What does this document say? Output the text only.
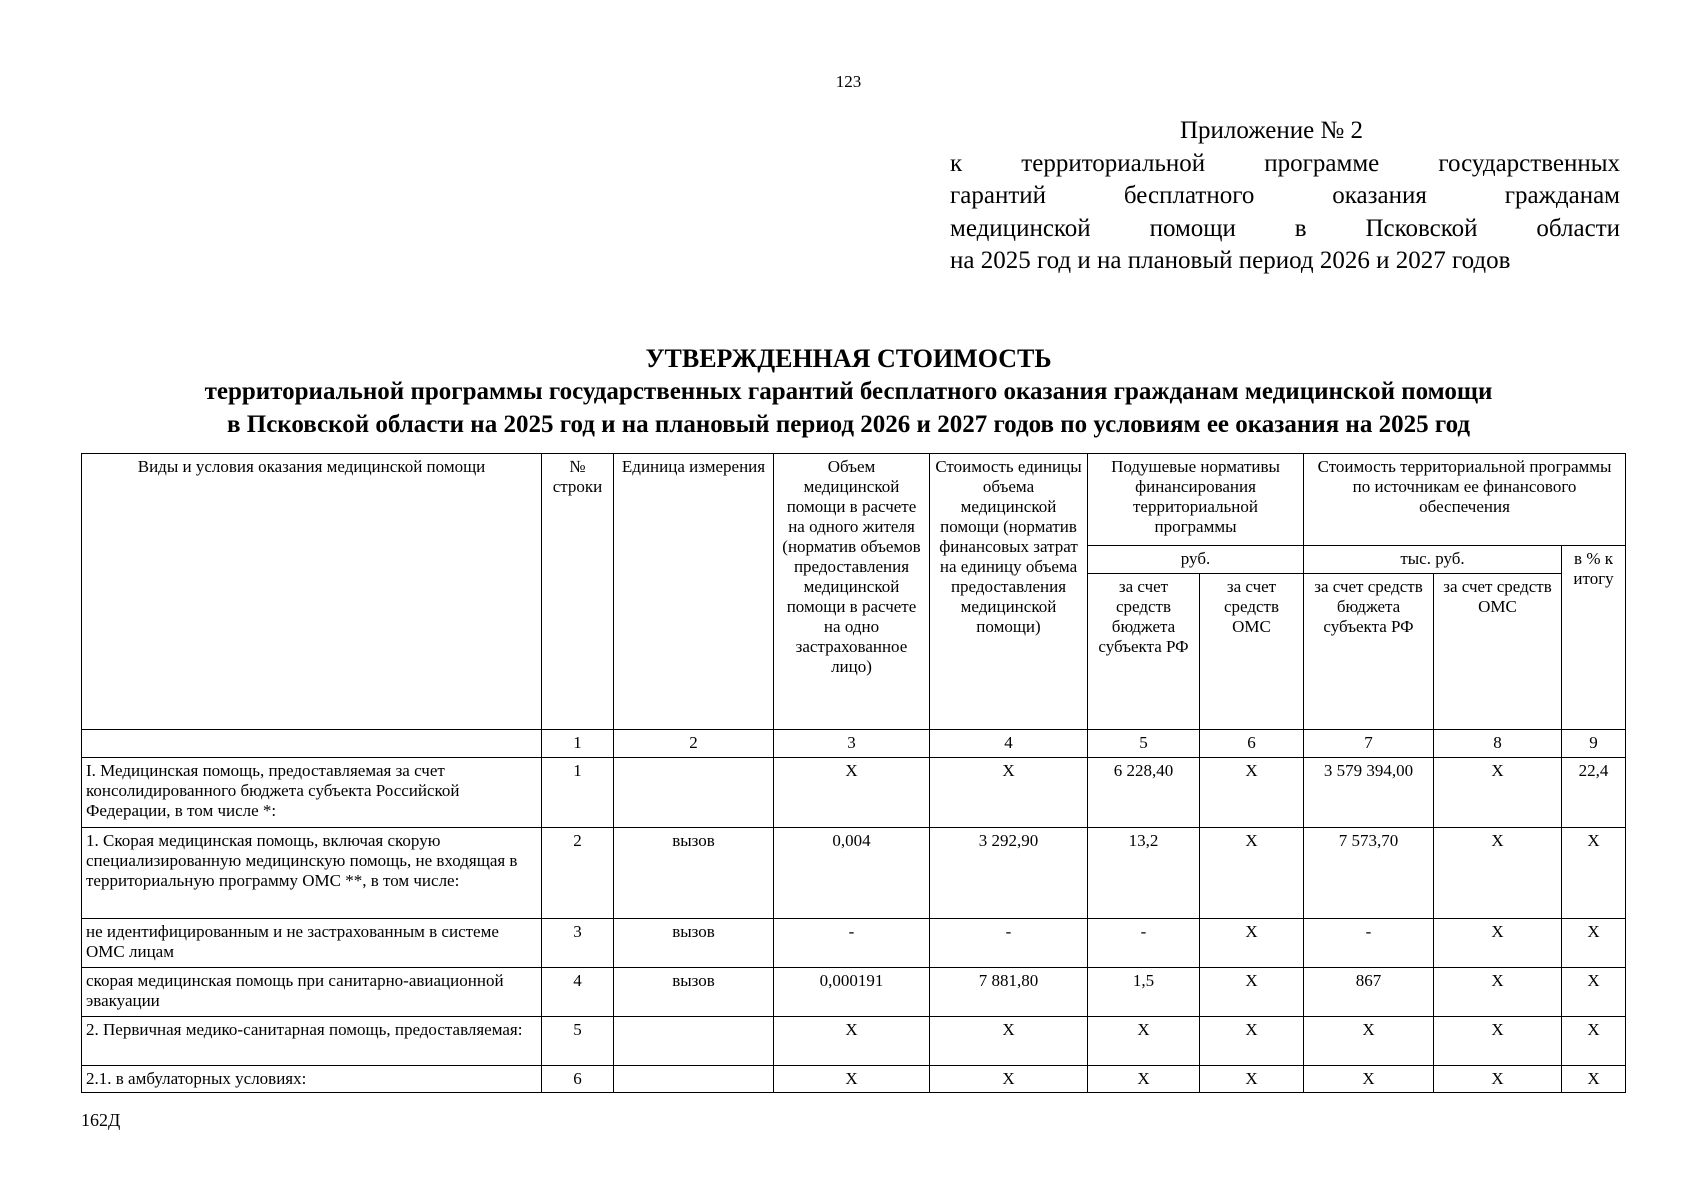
123
Приложение № 2
к территориальной программе государственных
гарантий бесплатного оказания гражданам
медицинской помощи в Псковской области
на 2025 год и на плановый период 2026 и 2027 годов
УТВЕРЖДЕННАЯ СТОИМОСТЬ
территориальной программы государственных гарантий бесплатного оказания гражданам медицинской помощи
в Псковской области на 2025 год и на плановый период 2026 и 2027 годов по условиям ее оказания на 2025 год
Виды и условия оказания медицинской помощи	№ строки	Единица измерения	Объем медицинской помощи в расчете на одного жителя (норматив объемов предоставления медицинской помощи в расчете на одно застрахованное лицо)	Стоимость единицы объема медицинской помощи (норматив финансовых затрат на единицу объема предоставления медицинской помощи)	Подушевые нормативы финансирования территориальной программы		Стоимость территориальной программы по источникам ее финансового обеспечения		
					руб.		тыс. руб.		в % к итогу
					за счет средств бюджета субъекта РФ	за счет средств ОМС	за счет средств бюджета субъекта РФ	за счет средств ОМС	
	1	2	3	4	5	6	7	8	9
I. Медицинская помощь, предоставляемая за счет консолидированного бюджета субъекта Российской Федерации, в том числе *:	1		X	X	6 228,40	X	3 579 394,00	X	22,4
1. Скорая медицинская помощь, включая скорую специализированную медицинскую помощь, не входящая в территориальную программу ОМС **, в том числе:	2	вызов	0,004	3 292,90	13,2	X	7 573,70	X	X
не идентифицированным и не застрахованным в системе ОМС лицам	3	вызов	-	-	-	X	-	X	X
скорая медицинская помощь при санитарно-авиационной эвакуации	4	вызов	0,000191	7 881,80	1,5	X	867	X	X
2. Первичная медико-санитарная помощь, предоставляемая:	5		X	X	X	X	X	X	X
2.1. в амбулаторных условиях:	6		X	X	X	X	X	X	X
162Д
